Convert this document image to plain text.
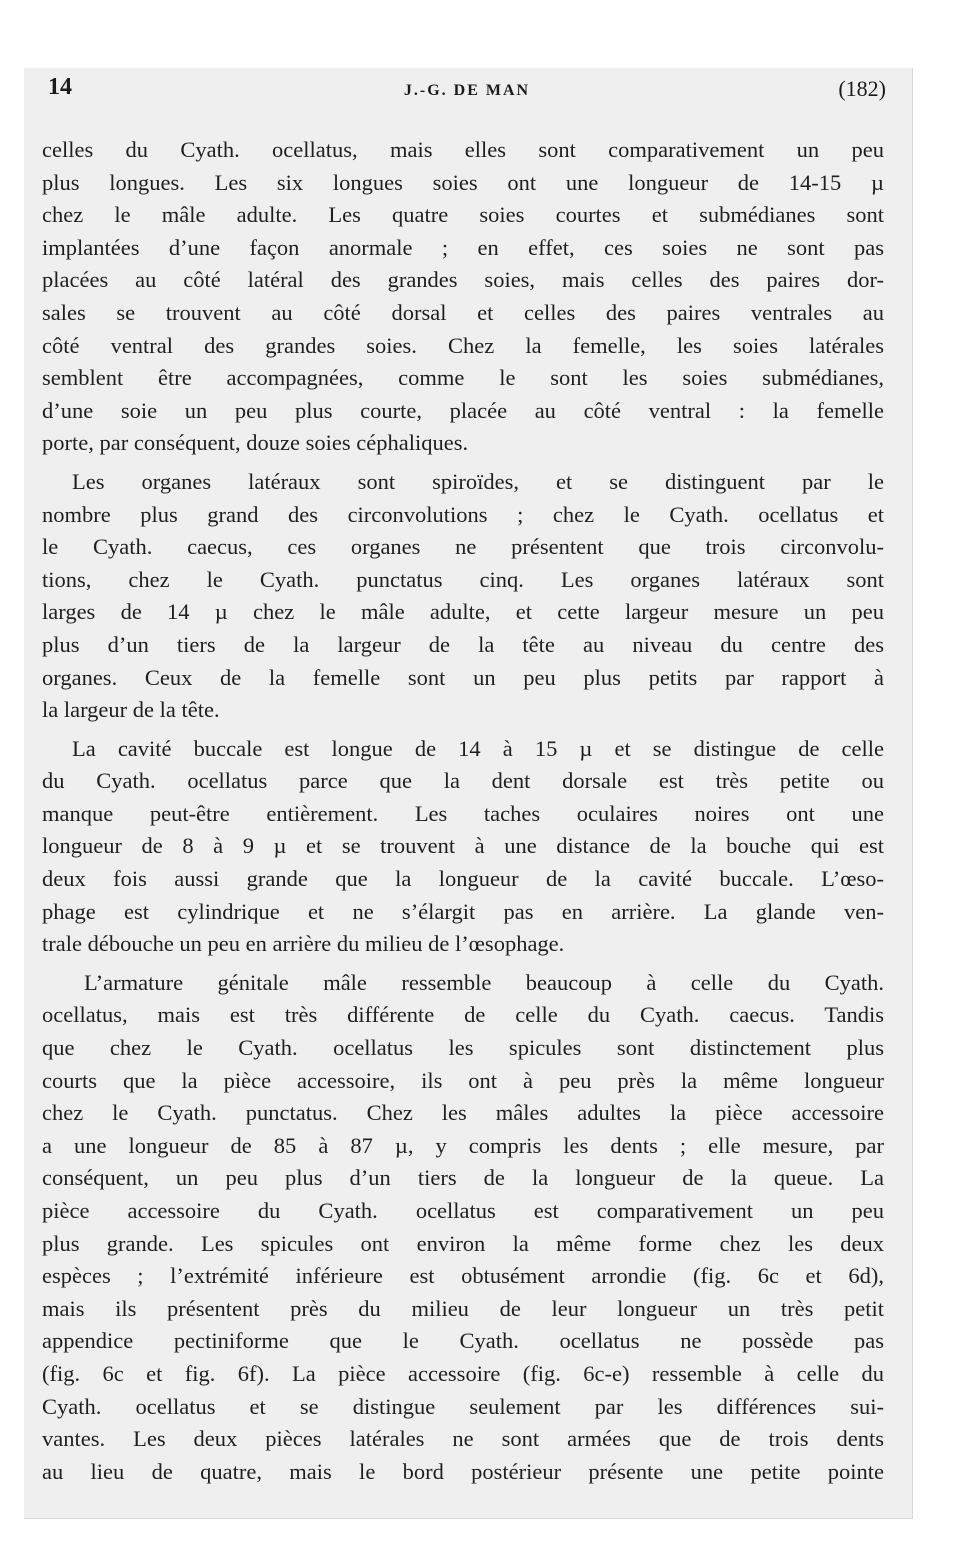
14	J.-G. DE MAN	(182)
celles du Cyath. ocellatus, mais elles sont comparativement un peu
plus longues. Les six longues soies ont une longueur de 14-15 µ
chez le mâle adulte. Les quatre soies courtes et submédianes sont
implantées d’une façon anormale ; en effet, ces soies ne sont pas
placées au côté latéral des grandes soies, mais celles des paires dor-
sales se trouvent au côté dorsal et celles des paires ventrales au
côté ventral des grandes soies. Chez la femelle, les soies latérales
semblent être accompagnées, comme le sont les soies submédianes,
d’une soie un peu plus courte, placée au côté ventral : la femelle
porte, par conséquent, douze soies céphaliques.
Les organes latéraux sont spiroïdes, et se distinguent par le
nombre plus grand des circonvolutions ; chez le Cyath. ocellatus et
le Cyath. caecus, ces organes ne présentent que trois circonvolu-
tions, chez le Cyath. punctatus cinq. Les organes latéraux sont
larges de 14 µ chez le mâle adulte, et cette largeur mesure un peu
plus d’un tiers de la largeur de la tête au niveau du centre des
organes. Ceux de la femelle sont un peu plus petits par rapport à
la largeur de la tête.
La cavité buccale est longue de 14 à 15 µ et se distingue de celle
du Cyath. ocellatus parce que la dent dorsale est très petite ou
manque peut-être entièrement. Les taches oculaires noires ont une
longueur de 8 à 9 µ et se trouvent à une distance de la bouche qui est
deux fois aussi grande que la longueur de la cavité buccale. L’œso-
phage est cylindrique et ne s’élargit pas en arrière. La glande ven-
trale débouche un peu en arrière du milieu de l’œsophage.
L’armature génitale mâle ressemble beaucoup à celle du Cyath.
ocellatus, mais est très différente de celle du Cyath. caecus. Tandis
que chez le Cyath. ocellatus les spicules sont distinctement plus
courts que la pièce accessoire, ils ont à peu près la même longueur
chez le Cyath. punctatus. Chez les mâles adultes la pièce accessoire
a une longueur de 85 à 87 µ, y compris les dents ; elle mesure, par
conséquent, un peu plus d’un tiers de la longueur de la queue. La
pièce accessoire du Cyath. ocellatus est comparativement un peu
plus grande. Les spicules ont environ la même forme chez les deux
espèces ; l’extrémité inférieure est obtusément arrondie (fig. 6c et 6d),
mais ils présentent près du milieu de leur longueur un très petit
appendice pectiniforme que le Cyath. ocellatus ne possède pas
(fig. 6c et fig. 6f). La pièce accessoire (fig. 6c-e) ressemble à celle du
Cyath. ocellatus et se distingue seulement par les différences sui-
vantes. Les deux pièces latérales ne sont armées que de trois dents
au lieu de quatre, mais le bord postérieur présente une petite pointe
